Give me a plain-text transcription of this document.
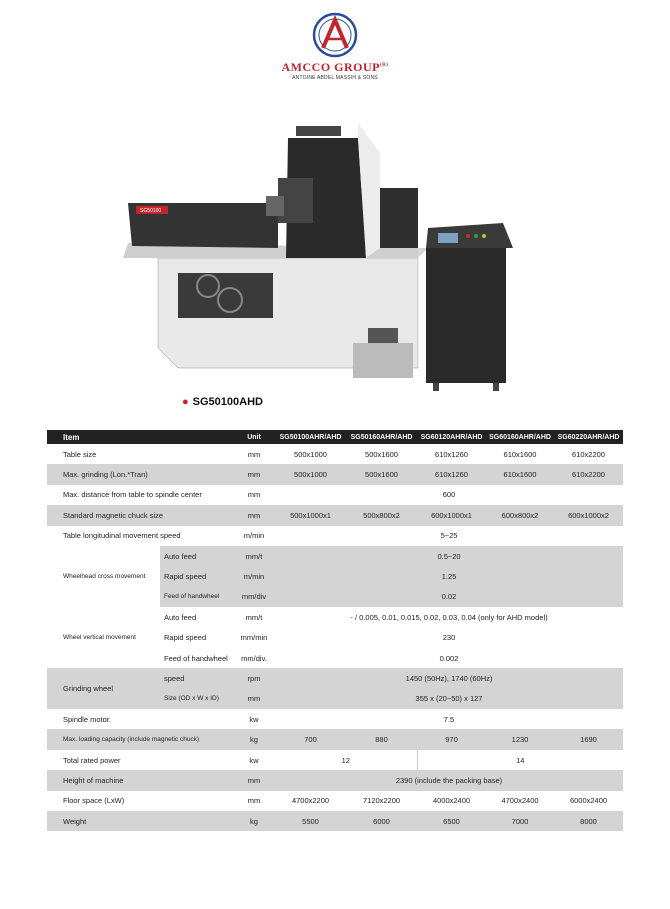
AMCCO $GROUP^{(R)}$
ANTOINE ABDEL MASSIH & SONS
SG50100
● SG50100AHD
Item		Unit	SG50100AHR/AHD	SG50160AHR/AHD	SG60120AHR/AHD	SG60160AHR/AHD	SG60220AHR/AHD
Table size		mm	500x1000	500x1600	610x1260	610x1600	610x2200
Max. grinding (Lon.*Tran)		mm	500x1000	500x1600	610x1260	610x1600	610x2200
Max. distance from table to spindle center		mm	600				
Standard magnetic chuck size		mm	500x1000x1	500x800x2	600x1000x1	600x800x2	600x1000x2
Table longitudinal movement speed		m/min	5~25				
Wheelhead cross movement	Auto feed	mm/t	0.5~20				
	Rapid speed	m/min	1.25				
	Feed of handwheel	mm/div	0.02				
Wheel vertical movement	Auto feed	mm/t	- / 0.005, 0.01, 0.015, 0.02, 0.03, 0.04 (only for AHD model)				
	Rapid speed	mm/min	230				
	Feed of handwheel	mm/div.	0.002				
Grinding wheel	speed	rpm	1450 (50Hz), 1740 (60Hz)				
	Size (OD x W x ID)	mm	355 x (20~50) x 127				
Spindle motor.		kw	7.5				
Max. loading capacity (include magnetic chuck)		kg	700	880	970	1230	1690
Total rated power		kw	12		14		
Height of machine		mm	2390 (include the packing base)				
Floor space (LxW)		mm	4700x2200	7120x2200	4000x2400	4700x2400	6000x2400
Weight		kg	5500	6000	6500	7000	8000
